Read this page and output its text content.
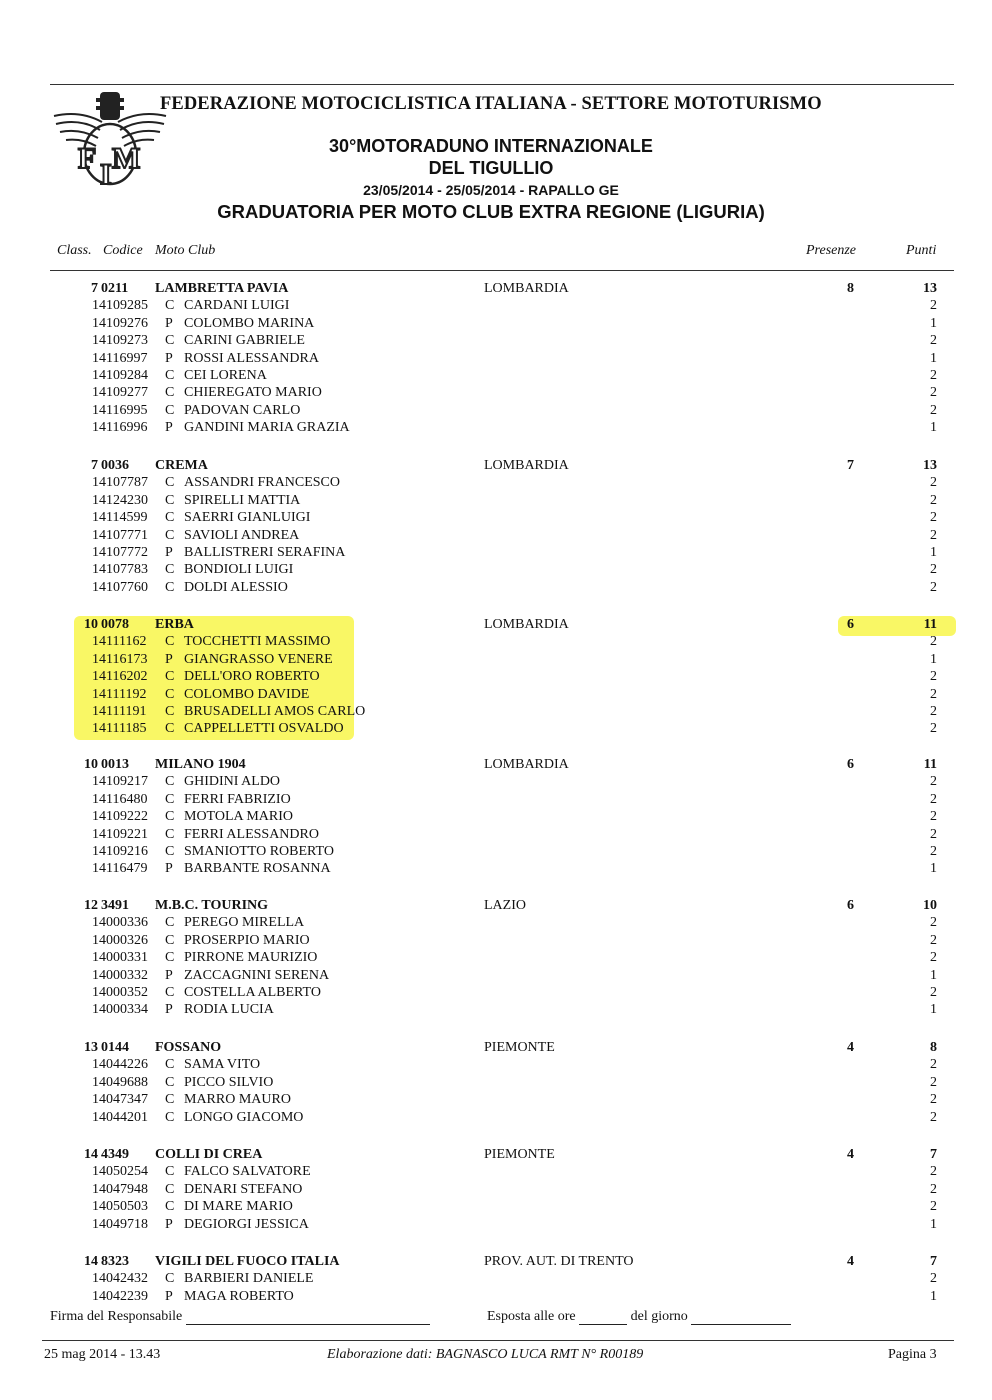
F I M
FEDERAZIONE MOTOCICLISTICA ITALIANA - SETTORE MOTOTURISMO
30°MOTORADUNO INTERNAZIONALE
DEL TIGULLIO
23/05/2014 - 25/05/2014 - RAPALLO GE
GRADUATORIA PER MOTO CLUB EXTRA REGIONE (LIGURIA)
Class. Codice Moto Club	Presenze	Punti
7 0211 LAMBRETTA PAVIA	LOMBARDIA	8	13
14109285 C CARDANI LUIGI	2
14109276 P COLOMBO MARINA	1
14109273 C CARINI GABRIELE	2
14116997 P ROSSI ALESSANDRA	1
14109284 C CEI LORENA	2
14109277 C CHIEREGATO MARIO	2
14116995 C PADOVAN CARLO	2
14116996 P GANDINI MARIA GRAZIA	1
7 0036 CREMA	LOMBARDIA	7	13
14107787 C ASSANDRI FRANCESCO	2
14124230 C SPIRELLI MATTIA	2
14114599 C SAERRI GIANLUIGI	2
14107771 C SAVIOLI ANDREA	2
14107772 P BALLISTRERI SERAFINA	1
14107783 C BONDIOLI LUIGI	2
14107760 C DOLDI ALESSIO	2
10 0078 ERBA	LOMBARDIA	6	11
14111162 C TOCCHETTI MASSIMO	2
14116173 P GIANGRASSO VENERE	1
14116202 C DELL'ORO ROBERTO	2
14111192 C COLOMBO DAVIDE	2
14111191 C BRUSADELLI AMOS CARLO	2
14111185 C CAPPELLETTI OSVALDO	2
10 0013 MILANO 1904	LOMBARDIA	6	11
14109217 C GHIDINI ALDO	2
14116480 C FERRI FABRIZIO	2
14109222 C MOTOLA MARIO	2
14109221 C FERRI ALESSANDRO	2
14109216 C SMANIOTTO ROBERTO	2
14116479 P BARBANTE ROSANNA	1
12 3491 M.B.C. TOURING	LAZIO	6	10
14000336 C PEREGO MIRELLA	2
14000326 C PROSERPIO MARIO	2
14000331 C PIRRONE MAURIZIO	2
14000332 P ZACCAGNINI SERENA	1
14000352 C COSTELLA ALBERTO	2
14000334 P RODIA LUCIA	1
13 0144 FOSSANO	PIEMONTE	4	8
14044226 C SAMA VITO	2
14049688 C PICCO SILVIO	2
14047347 C MARRO MAURO	2
14044201 C LONGO GIACOMO	2
14 4349 COLLI DI CREA	PIEMONTE	4	7
14050254 C FALCO SALVATORE	2
14047948 C DENARI STEFANO	2
14050503 C DI MARE MARIO	2
14049718 P DEGIORGI JESSICA	1
14 8323 VIGILI DEL FUOCO ITALIA	PROV. AUT. DI TRENTO	4	7
14042432 C BARBIERI DANIELE	2
14042239 P MAGA ROBERTO	1
Firma del Responsabile	Esposta alle ore	del giorno
25 mag 2014 - 13.43	Elaborazione dati: BAGNASCO LUCA RMT N° R00189	Pagina 3
